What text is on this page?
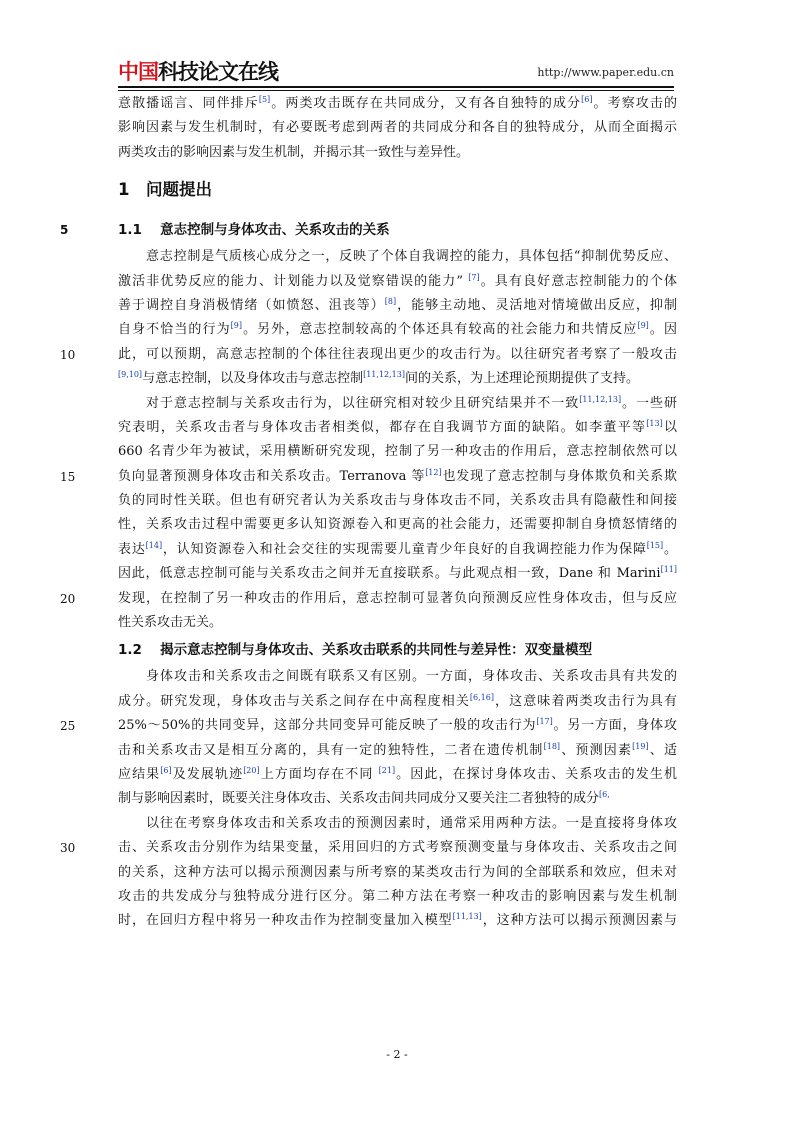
中国科技论文在线	http://www.paper.edu.cn
意散播谣言、同伴排斥[5]。两类攻击既存在共同成分，又有各自独特的成分[6]。考察攻击的
影响因素与发生机制时，有必要既考虑到两者的共同成分和各自的独特成分，从而全面揭示
两类攻击的影响因素与发生机制，并揭示其一致性与差异性。
1　问题提出
5	1.1　 意志控制与身体攻击、关系攻击的关系
意志控制是气质核心成分之一，反映了个体自我调控的能力，具体包括“抑制优势反应、
激活非优势反应的能力、计划能力以及觉察错误的能力” [7]。具有良好意志控制能力的个体
善于调控自身消极情绪（如愤怒、沮丧等）[8]，能够主动地、灵活地对情境做出反应，抑制
自身不恰当的行为[9]。另外，意志控制较高的个体还具有较高的社会能力和共情反应[9]。因
10	此，可以预期，高意志控制的个体往往表现出更少的攻击行为。以往研究者考察了一般攻击
[9,10]与意志控制，以及身体攻击与意志控制[11,12,13]间的关系，为上述理论预期提供了支持。
对于意志控制与关系攻击行为，以往研究相对较少且研究结果并不一致[11,12,13]。一些研
究表明，关系攻击者与身体攻击者相类似，都存在自我调节方面的缺陷。如李董平等[13]以
660 名青少年为被试，采用横断研究发现，控制了另一种攻击的作用后，意志控制依然可以
15	负向显著预测身体攻击和关系攻击。Terranova 等[12]也发现了意志控制与身体欺负和关系欺
负的同时性关联。但也有研究者认为关系攻击与身体攻击不同，关系攻击具有隐蔽性和间接
性，关系攻击过程中需要更多认知资源卷入和更高的社会能力，还需要抑制自身愤怒情绪的
表达[14]，认知资源卷入和社会交往的实现需要儿童青少年良好的自我调控能力作为保障[15]。
因此，低意志控制可能与关系攻击之间并无直接联系。与此观点相一致，Dane 和 Marini[11]
20	发现，在控制了另一种攻击的作用后，意志控制可显著负向预测反应性身体攻击，但与反应
性关系攻击无关。
1.2　 揭示意志控制与身体攻击、关系攻击联系的共同性与差异性：双变量模型
身体攻击和关系攻击之间既有联系又有区别。一方面，身体攻击、关系攻击具有共发的
成分。研究发现，身体攻击与关系之间存在中高程度相关[6,16]，这意味着两类攻击行为具有
25	25%～50%的共同变异，这部分共同变异可能反映了一般的攻击行为[17]。另一方面，身体攻
击和关系攻击又是相互分离的，具有一定的独特性，二者在遗传机制[18]、预测因素[19]、适
应结果[6]及发展轨迹[20]上方面均存在不同 [21]。因此，在探讨身体攻击、关系攻击的发生机
制与影响因素时，既要关注身体攻击、关系攻击间共同成分又要关注二者独特的成分$^{[6,}$
以往在考察身体攻击和关系攻击的预测因素时，通常采用两种方法。一是直接将身体攻
30	击、关系攻击分别作为结果变量，采用回归的方式考察预测变量与身体攻击、关系攻击之间
的关系，这种方法可以揭示预测因素与所考察的某类攻击行为间的全部联系和效应，但未对
攻击的共发成分与独特成分进行区分。第二种方法在考察一种攻击的影响因素与发生机制
时，在回归方程中将另一种攻击作为控制变量加入模型[11,13]，这种方法可以揭示预测因素与
- 2 -
